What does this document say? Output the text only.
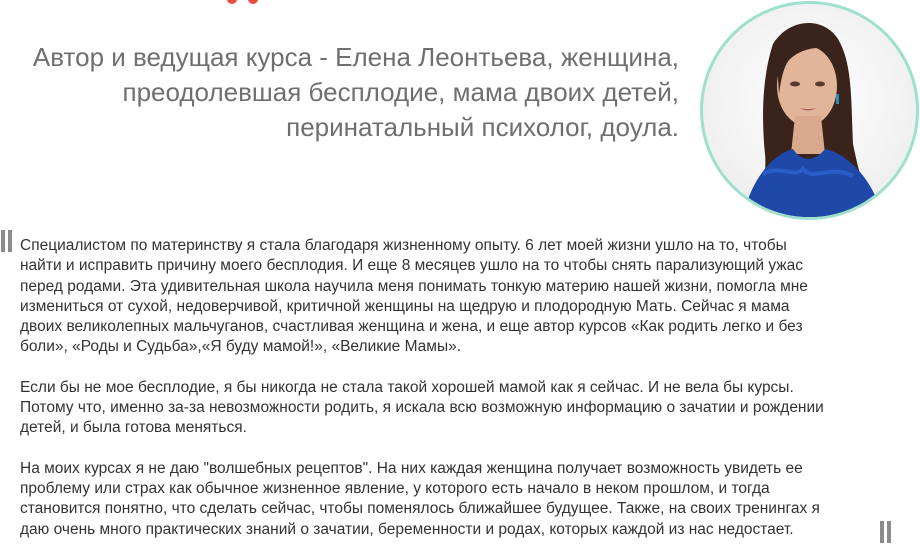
Автор и ведущая курса - Елена Леонтьева, женщина,
преодолевшая бесплодие, мама двоих детей,
перинатальный психолог, доула.

Специалистом по материнству я стала благодаря жизненному опыту. 6 лет моей жизни ушло на то, чтобы
найти и исправить причину моего бесплодия. И еще 8 месяцев ушло на то чтобы снять парализующий ужас
перед родами. Эта удивительная школа научила меня понимать тонкую материю нашей жизни, помогла мне
измениться от сухой, недоверчивой, критичной женщины на щедрую и плодородную Мать. Сейчас я мама
двоих великолепных мальчуганов, счастливая женщина и жена, и еще автор курсов «Как родить легко и без
боли», «Роды и Судьба»,«Я буду мамой!», «Великие Мамы».

Если бы не мое бесплодие, я бы никогда не стала такой хорошей мамой как я сейчас. И не вела бы курсы.
Потому что, именно за-за невозможности родить, я искала всю возможную информацию о зачатии и рождении
детей, и была готова меняться.

На моих курсах я не даю "волшебных рецептов". На них каждая женщина получает возможность увидеть ее
проблему или страх как обычное жизненное явление, у которого есть начало в неком прошлом, и тогда
становится понятно, что сделать сейчас, чтобы поменялось ближайшее будущее. Также, на своих тренингах я
даю очень много практических знаний о зачатии, беременности и родах, которых каждой из нас недостает.
